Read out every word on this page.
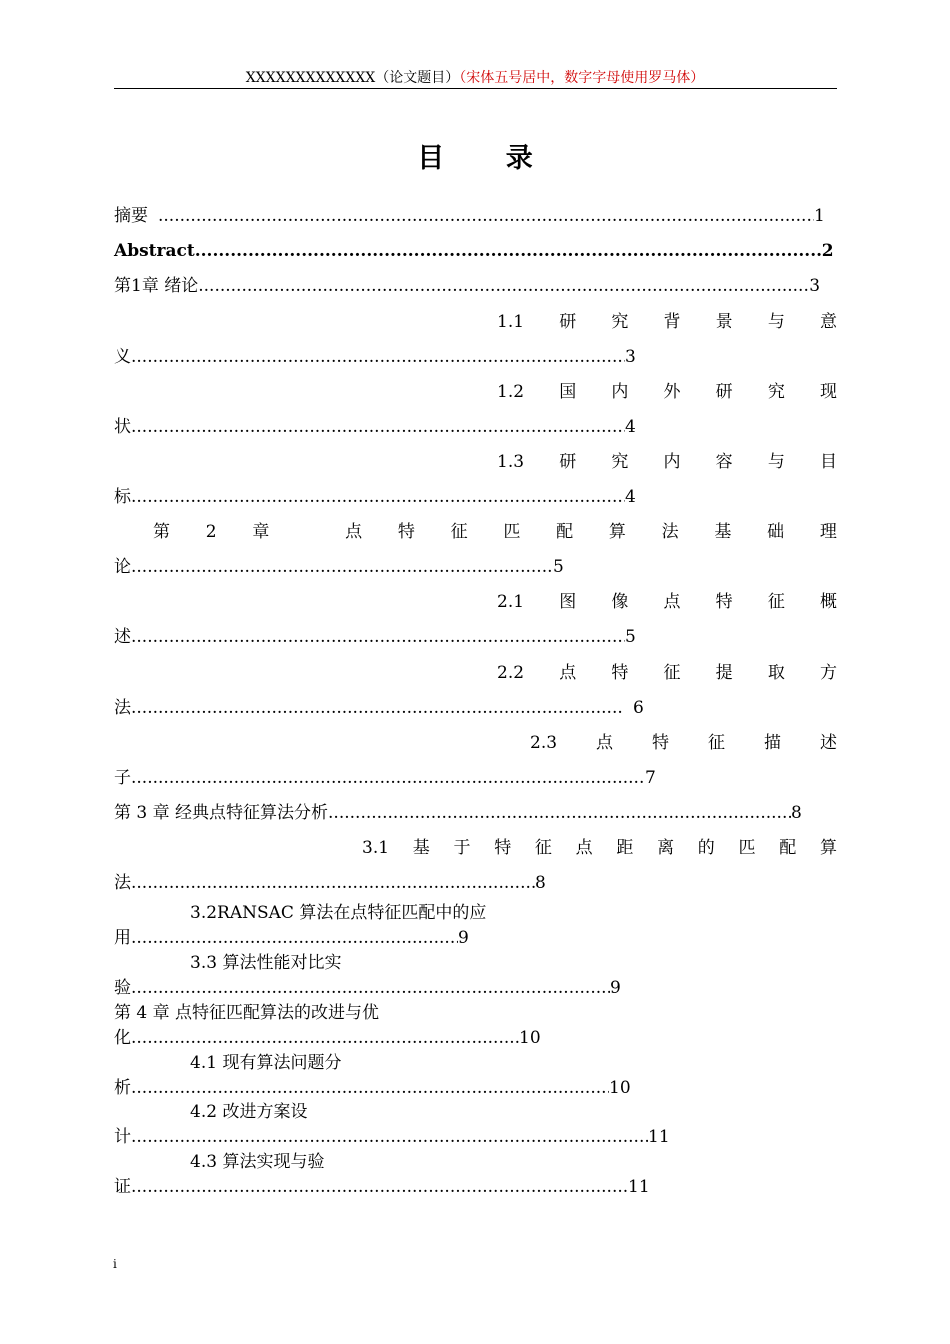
XXXXXXXXXXXXX（论文题目）（宋体五号居中，数字字母使用罗马体）
目 录
摘要 .....	1
Abstract .....	2
第1章 绪论 .....	3
1.1 研 究 背 景 与 意
义 .....	3
1.2 国 内 外 研 究 现
状 .....	4
1.3 研 究 内 容 与 目
标 .....	4
第 2 章	点 特 征 匹 配 算 法 基 础 理
论 .....	5
2.1 图 像 点 特 征 概
述 .....	5
2.2 点 特 征 提 取 方
法 .....	6
2.3 点 特 征 描 述
子 .....	7
第 3 章 经典点特征算法分析 .....	8
3.1 基 于 特 征 点 距 离 的 匹 配 算
法 .....	8
3.2RANSAC 算法在点特征匹配中的应
用 .....	9
3.3 算法性能对比实
验 .....	9
第 4 章 点特征匹配算法的改进与优
化 .....	10
4.1 现有算法问题分
析 .....	10
4.2 改进方案设
计 .....	11
4.3 算法实现与验
证 .....	11
i
